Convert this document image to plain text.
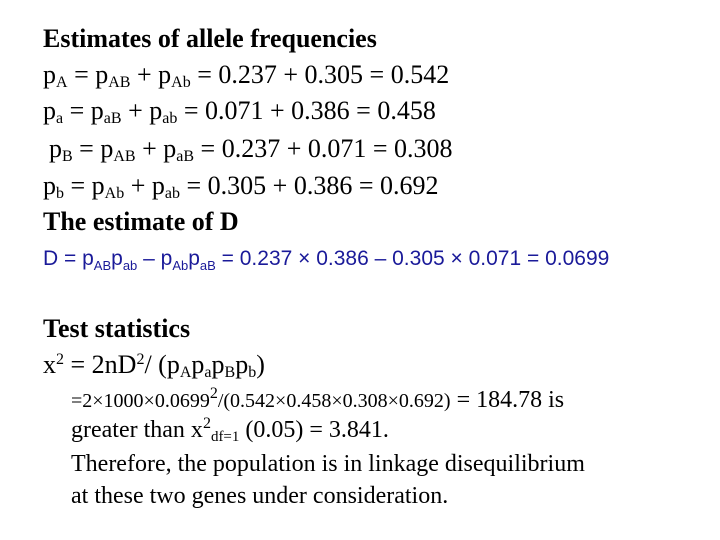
Estimates of allele frequencies
$p_A = p_{AB} + p_{Ab} = 0.237 + 0.305 = 0.542$
$p_a = p_{aB} + p_{ab} = 0.071 + 0.386 = 0.458$
$p_B = p_{AB} + p_{aB} = 0.237 + 0.071 = 0.308$
$p_b = p_{Ab} + p_{ab} = 0.305 + 0.386 = 0.692$
The estimate of D
$D = p_{AB}p_{ab} - p_{Ab}p_{aB} = 0.237 \times 0.386 - 0.305 \times 0.071 = 0.0699$
Test statistics
$x^2 = 2nD^2/$ $(p_Ap_ap_Bp_b)$
$=2\times 1000\times 0.0699^2/(0.542\times 0.458\times 0.308\times 0.692) = 184.78$ is
greater than $x^2_{df=1}$ (0.05) = 3.841.
Therefore, the population is in linkage disequilibrium
at these two genes under consideration.
